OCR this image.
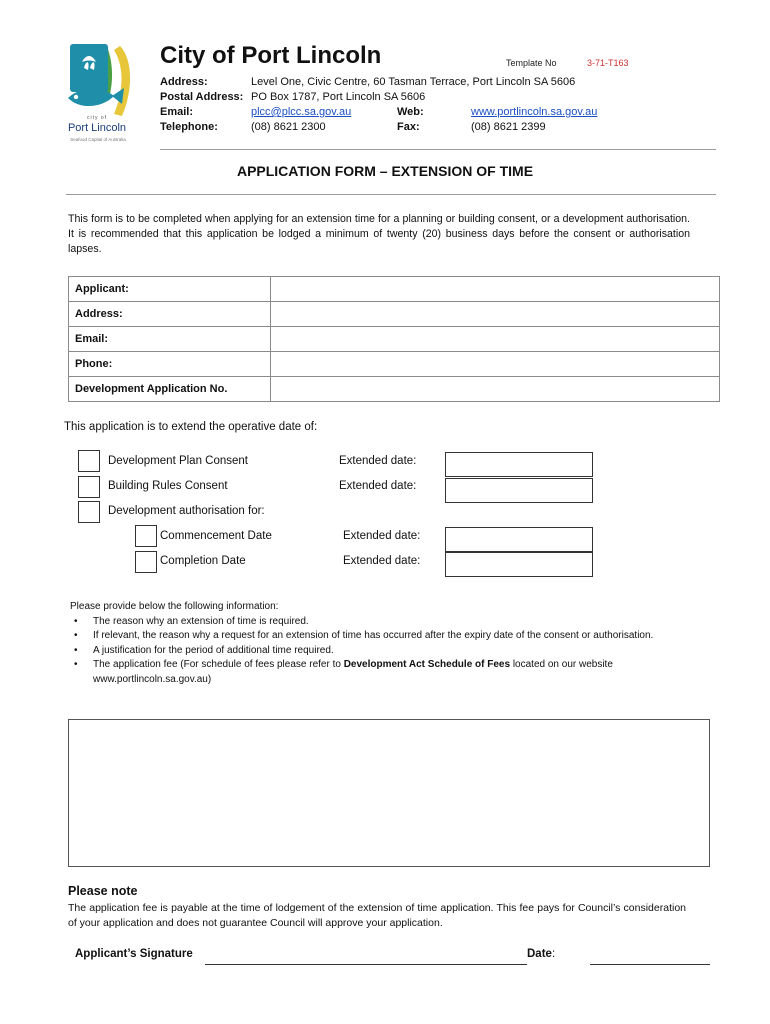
city of
Port Lincoln
Seafood Capital of Australia
City of Port Lincoln	Template No	3-71-T163
Address:	Level One, Civic Centre, 60 Tasman Terrace, Port Lincoln SA 5606
Postal Address: PO Box 1787, Port Lincoln SA 5606
Email:	plcc@plcc.sa.gov.au	Web:	www.portlincoln.sa.gov.au
Telephone:	(08) 8621 2300	Fax:	(08) 8621 2399
APPLICATION FORM – EXTENSION OF TIME
This form is to be completed when applying for an extension time for a planning or building consent, or a development authorisation. It is recommended that this application be lodged a minimum of twenty (20) business days before the consent or authorisation lapses.
Applicant:	
Address:	
Email:	
Phone:	
Development Application No.	
This application is to extend the operative date of:
Development Plan Consent	Extended date:
Building Rules Consent	Extended date:
Development authorisation for:
Commencement Date	Extended date:
Completion Date	Extended date:
Please provide below the following information:
• The reason why an extension of time is required.
• If relevant, the reason why a request for an extension of time has occurred after the expiry date of the consent or authorisation.
• A justification for the period of additional time required.
• The application fee (For schedule of fees please refer to Development Act Schedule of Fees located on our website www.portlincoln.sa.gov.au)
Please note
The application fee is payable at the time of lodgement of the extension of time application. This fee pays for Council’s consideration of your application and does not guarantee Council will approve your application.
Applicant’s Signature	Date:
